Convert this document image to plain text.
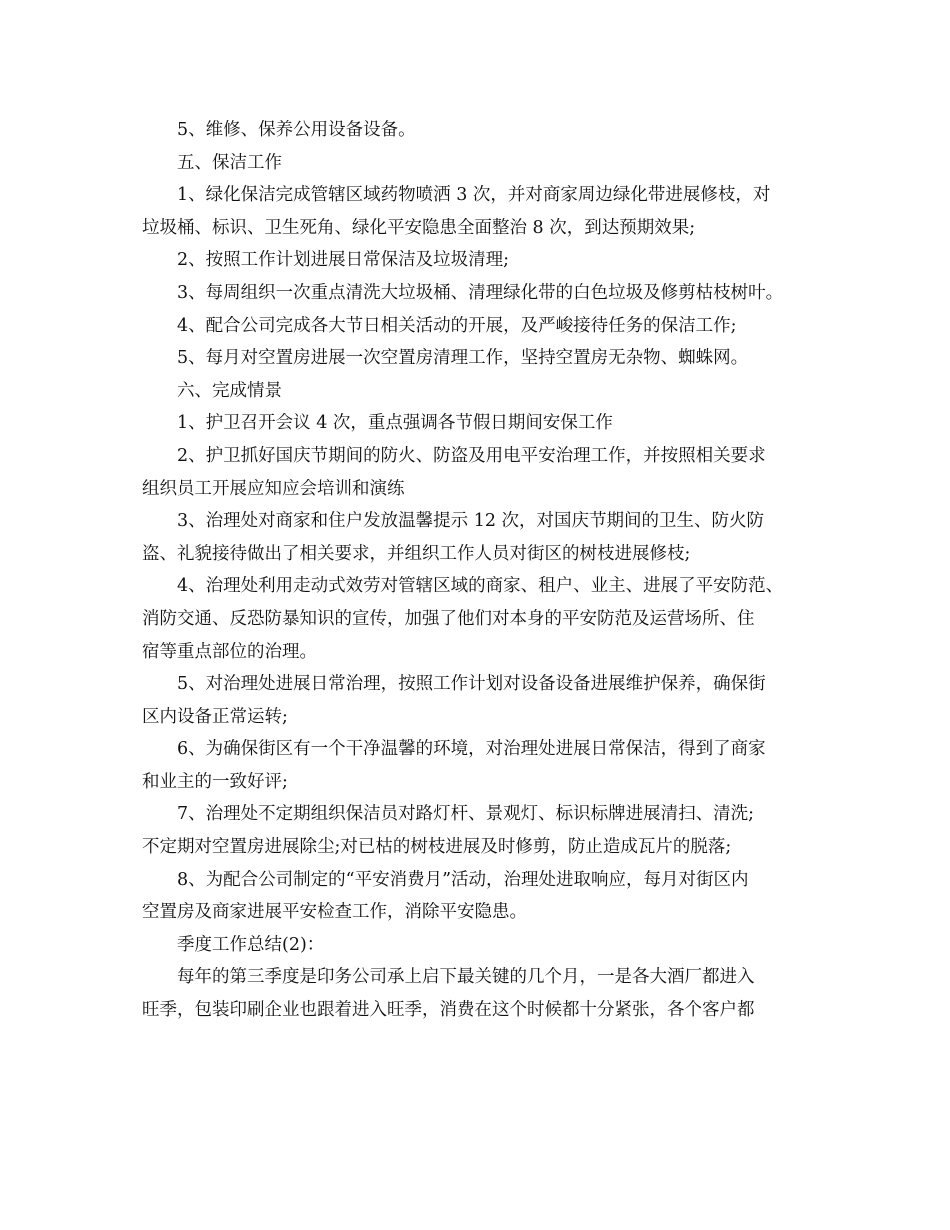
5、维修、保养公用设备设备。
五、保洁工作
1、绿化保洁完成管辖区域药物喷洒 3 次，并对商家周边绿化带进展修枝，对
垃圾桶、标识、卫生死角、绿化平安隐患全面整治 8 次，到达预期效果;
2、按照工作计划进展日常保洁及垃圾清理;
3、每周组织一次重点清洗大垃圾桶、清理绿化带的白色垃圾及修剪枯枝树叶。
4、配合公司完成各大节日相关活动的开展，及严峻接待任务的保洁工作;
5、每月对空置房进展一次空置房清理工作，坚持空置房无杂物、蜘蛛网。
六、完成情景
1、护卫召开会议 4 次，重点强调各节假日期间安保工作
2、护卫抓好国庆节期间的防火、防盗及用电平安治理工作，并按照相关要求
组织员工开展应知应会培训和演练
3、治理处对商家和住户发放温馨提示 12 次，对国庆节期间的卫生、防火防
盗、礼貌接待做出了相关要求，并组织工作人员对街区的树枝进展修枝;
4、治理处利用走动式效劳对管辖区域的商家、租户、业主、进展了平安防范、
消防交通、反恐防暴知识的宣传，加强了他们对本身的平安防范及运营场所、住
宿等重点部位的治理。
5、对治理处进展日常治理，按照工作计划对设备设备进展维护保养，确保街
区内设备正常运转;
6、为确保街区有一个干净温馨的环境，对治理处进展日常保洁，得到了商家
和业主的一致好评;
7、治理处不定期组织保洁员对路灯杆、景观灯、标识标牌进展清扫、清洗;
不定期对空置房进展除尘;对已枯的树枝进展及时修剪，防止造成瓦片的脱落;
8、为配合公司制定的“平安消费月”活动，治理处进取响应，每月对街区内
空置房及商家进展平安检查工作，消除平安隐患。
季度工作总结(2)：
每年的第三季度是印务公司承上启下最关键的几个月，一是各大酒厂都进入
旺季，包装印刷企业也跟着进入旺季，消费在这个时候都十分紧张，各个客户都
